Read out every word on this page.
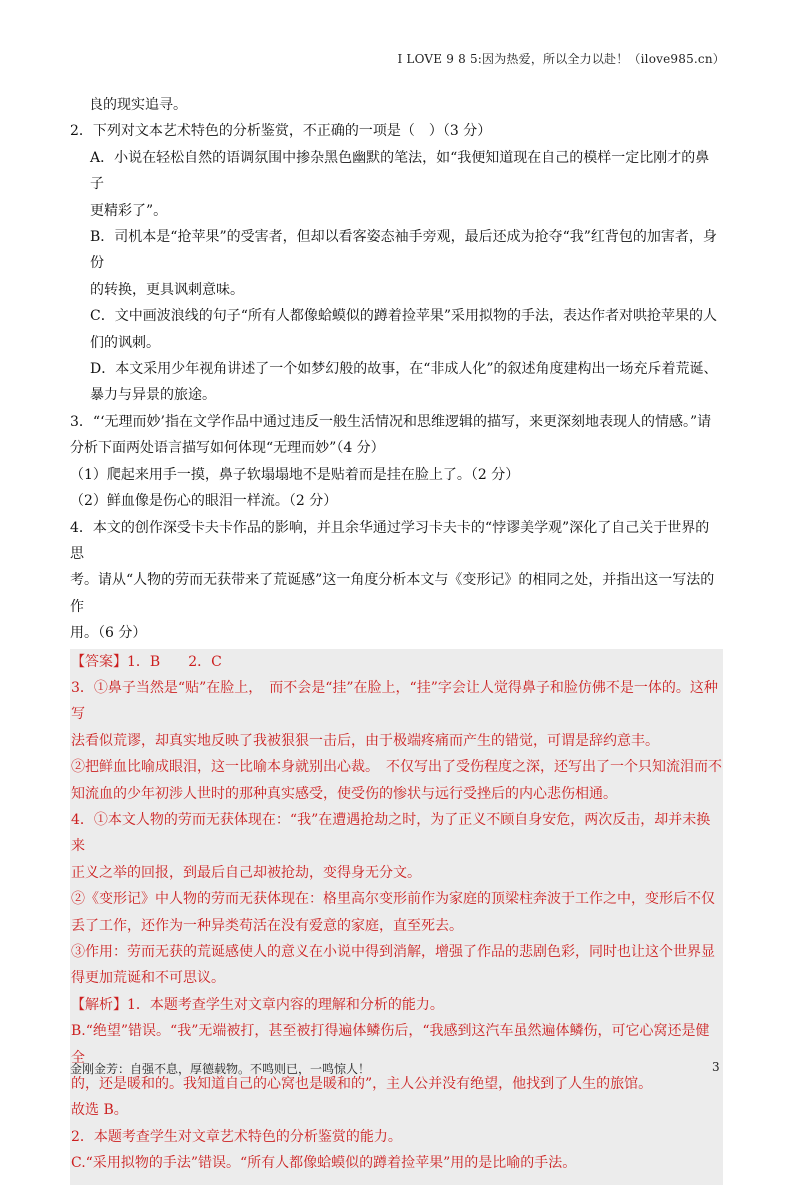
I LOVE 9 8 5:因为热爱，所以全力以赴！（ilove985.cn）

良的现实追寻。

2．下列对文本艺术特色的分析鉴赏，不正确的一项是（　）（3 分）

A．小说在轻松自然的语调氛围中掺杂黑色幽默的笔法，如“我便知道现在自己的模样一定比刚才的鼻子

更精彩了”。

B．司机本是“抢苹果”的受害者，但却以看客姿态袖手旁观，最后还成为抢夺“我”红背包的加害者，身份

的转换，更具讽刺意味。

C．文中画波浪线的句子“所有人都像蛤蟆似的蹲着捡苹果”采用拟物的手法，表达作者对哄抢苹果的人

们的讽刺。

D．本文采用少年视角讲述了一个如梦幻般的故事，在“非成人化”的叙述角度建构出一场充斥着荒诞、

暴力与异景的旅途。

3．“‘无理而妙’指在文学作品中通过违反一般生活情况和思维逻辑的描写，来更深刻地表现人的情感。”请

分析下面两处语言描写如何体现“无理而妙”（4 分）

（1）爬起来用手一摸，鼻子软塌塌地不是贴着而是挂在脸上了。（2 分）

（2）鲜血像是伤心的眼泪一样流。（2 分）

4．本文的创作深受卡夫卡作品的影响，并且余华通过学习卡夫卡的“悖谬美学观”深化了自己关于世界的思

考。请从“人物的劳而无获带来了荒诞感”这一角度分析本文与《变形记》的相同之处，并指出这一写法的作

用。（6 分）

【答案】1．B　　2．C

3．①鼻子当然是“贴”在脸上，　而不会是“挂”在脸上，“挂”字会让人觉得鼻子和脸仿佛不是一体的。这种写

法看似荒谬，却真实地反映了我被狠狠一击后，由于极端疼痛而产生的错觉，可谓是辞约意丰。

②把鲜血比喻成眼泪，这一比喻本身就别出心裁。　不仅写出了受伤程度之深，还写出了一个只知流泪而不

知流血的少年初涉人世时的那种真实感受，使受伤的惨状与远行受挫后的内心悲伤相通。

4．①本文人物的劳而无获体现在：“我”在遭遇抢劫之时，为了正义不顾自身安危，两次反击，却并未换来

正义之举的回报，到最后自己却被抢劫，变得身无分文。

②《变形记》中人物的劳而无获体现在：格里高尔变形前作为家庭的顶梁柱奔波于工作之中，变形后不仅

丢了工作，还作为一种异类苟活在没有爱意的家庭，直至死去。

③作用：劳而无获的荒诞感使人的意义在小说中得到消解，增强了作品的悲剧色彩，同时也让这个世界显

得更加荒诞和不可思议。

【解析】1．本题考查学生对文章内容的理解和分析的能力。

B.“绝望”错误。“我”无端被打，甚至被打得遍体鳞伤后，“我感到这汽车虽然遍体鳞伤，可它心窝还是健全

的，还是暖和的。我知道自己的心窝也是暖和的”，主人公并没有绝望，他找到了人生的旅馆。

故选 B。

2．本题考查学生对文章艺术特色的分析鉴赏的能力。

C.“采用拟物的手法”错误。“所有人都像蛤蟆似的蹲着捡苹果”用的是比喻的手法。

金刚金芳：自强不息，厚德载物。不鸣则已，一鸣惊人！	3
